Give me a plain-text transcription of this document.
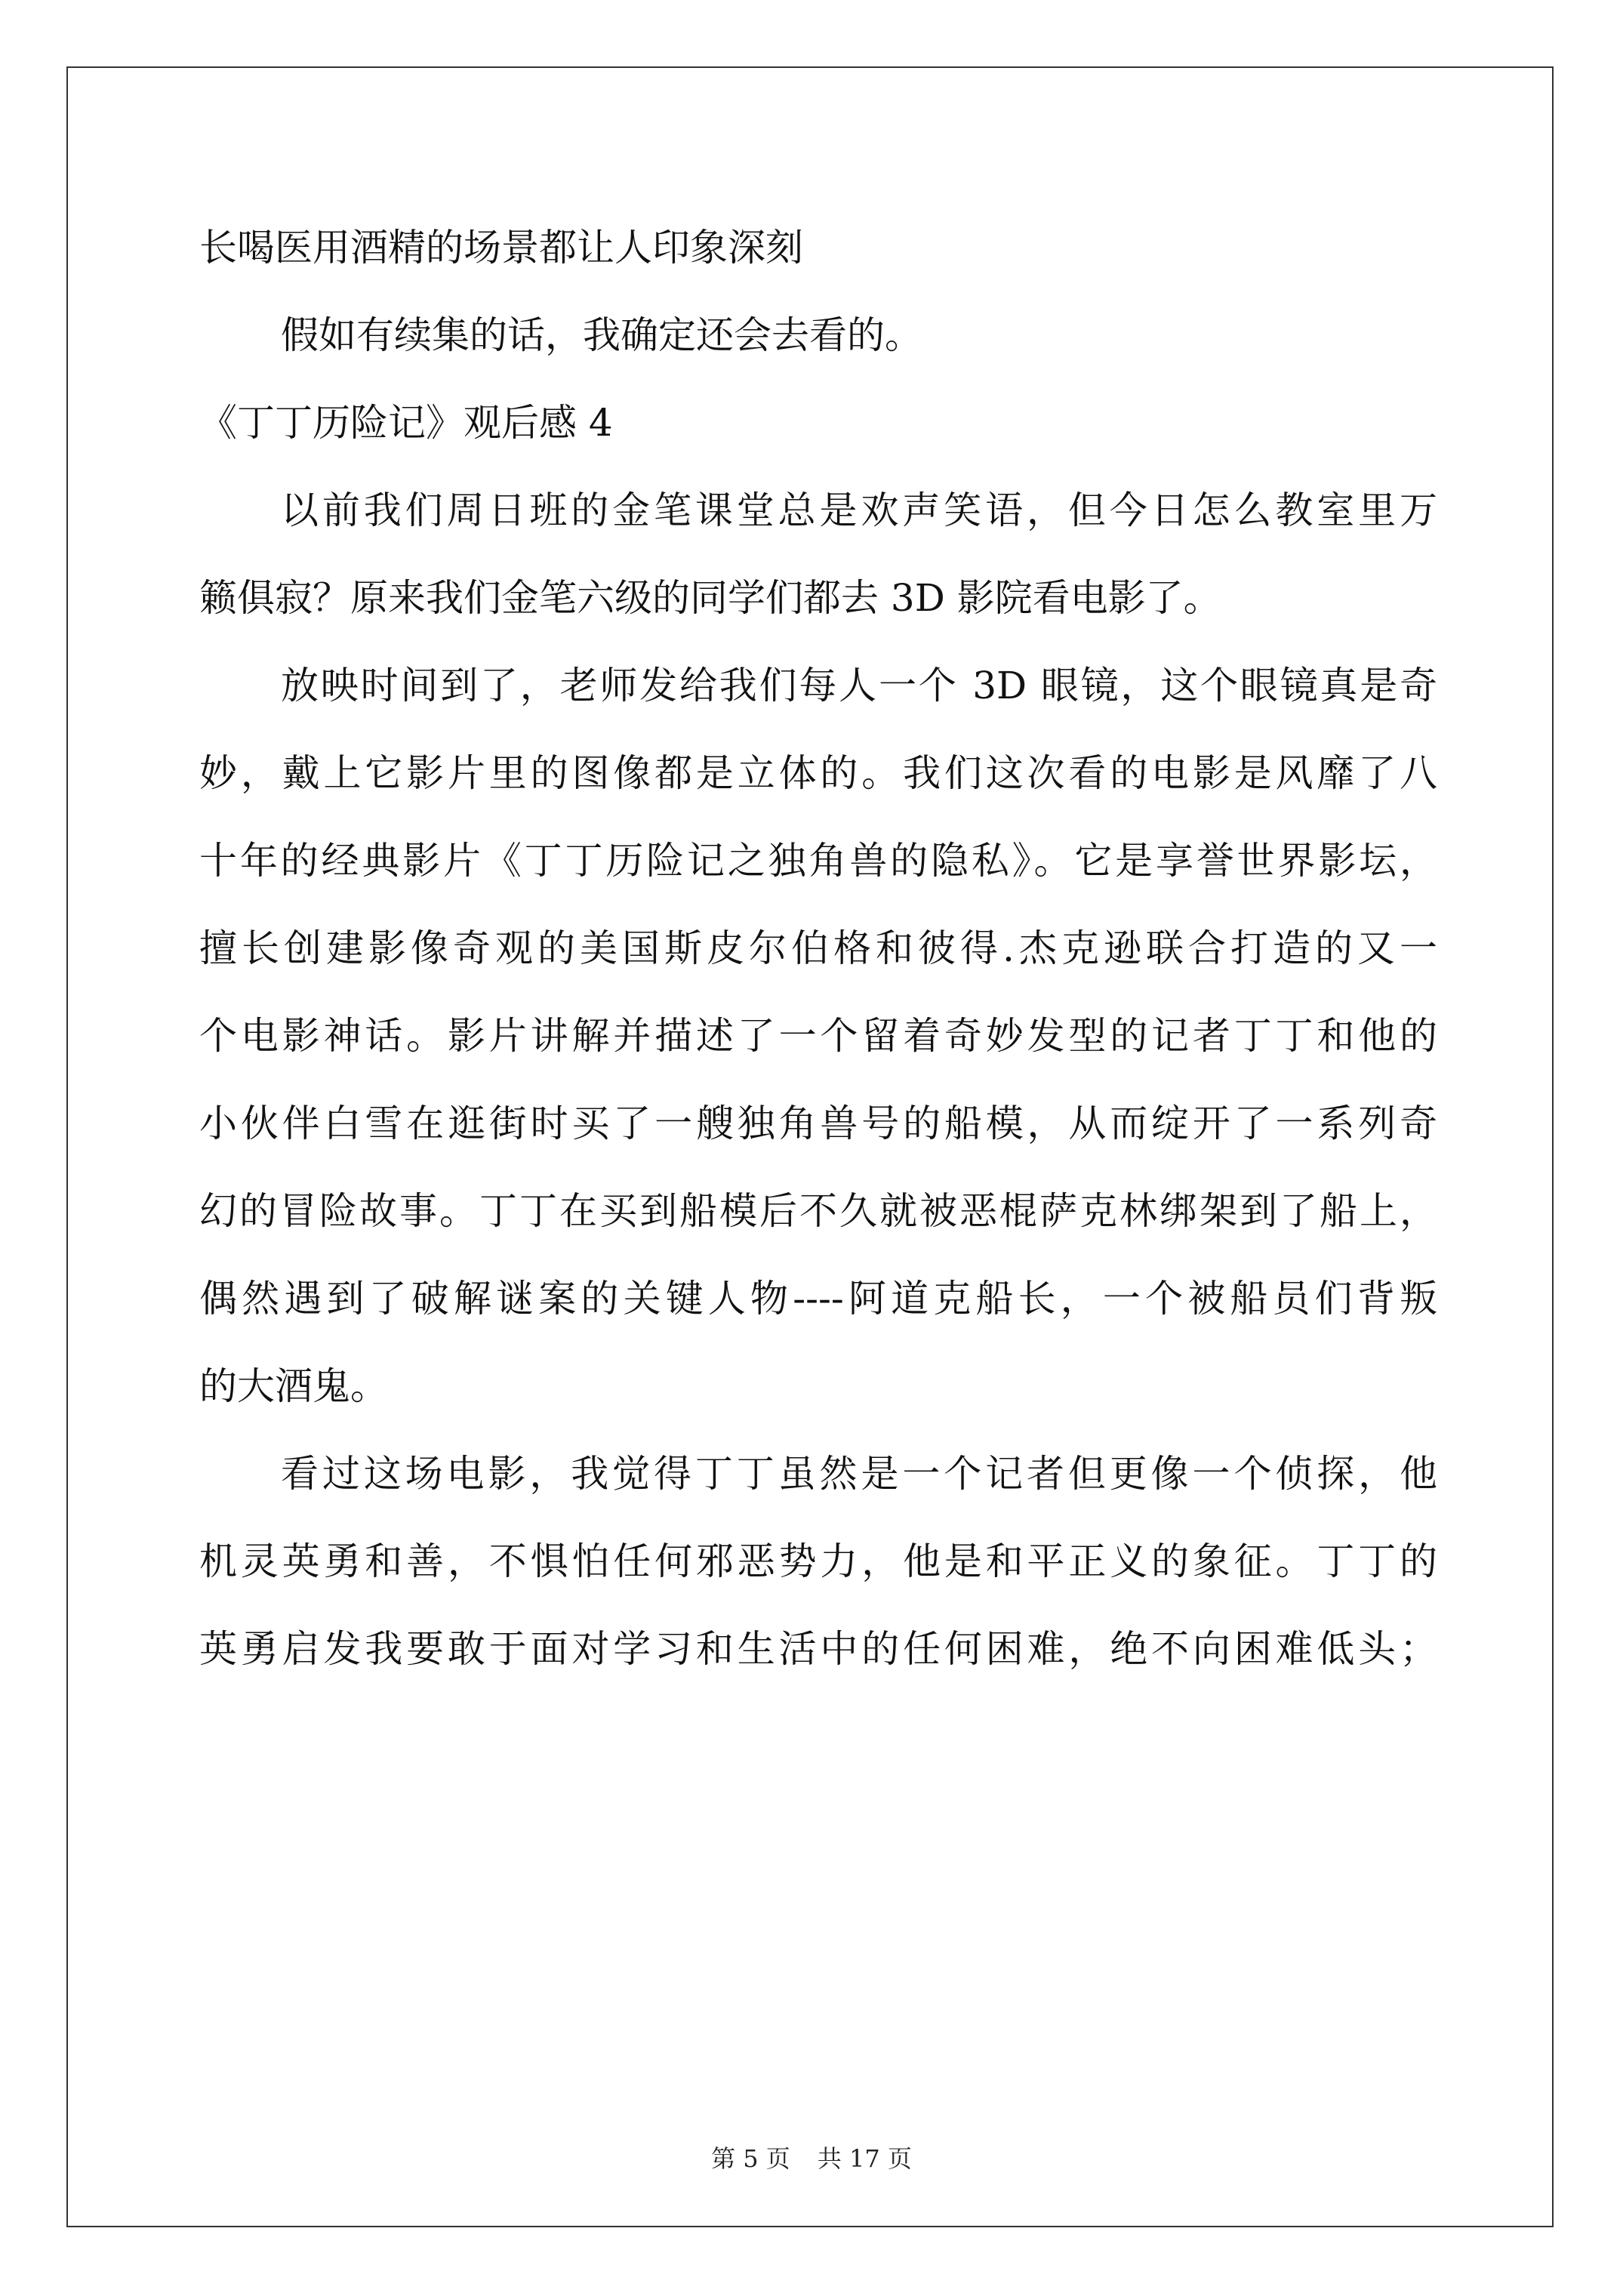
长喝医用酒精的场景都让人印象深刻
假如有续集的话，我确定还会去看的。
《丁丁历险记》观后感 4
以前我们周日班的金笔课堂总是欢声笑语，但今日怎么教室里万
籁俱寂？原来我们金笔六级的同学们都去 3D 影院看电影了。
放映时间到了，老师发给我们每人一个 3D 眼镜，这个眼镜真是奇
妙，戴上它影片里的图像都是立体的。我们这次看的电影是风靡了八
十年的经典影片《丁丁历险记之独角兽的隐私》。它是享誉世界影坛，
擅长创建影像奇观的美国斯皮尔伯格和彼得.杰克逊联合打造的又一
个电影神话。影片讲解并描述了一个留着奇妙发型的记者丁丁和他的
小伙伴白雪在逛街时买了一艘独角兽号的船模，从而绽开了一系列奇
幻的冒险故事。丁丁在买到船模后不久就被恶棍萨克林绑架到了船上，
偶然遇到了破解谜案的关键人物----阿道克船长，一个被船员们背叛
的大酒鬼。
看过这场电影，我觉得丁丁虽然是一个记者但更像一个侦探，他
机灵英勇和善，不惧怕任何邪恶势力，他是和平正义的象征。丁丁的
英勇启发我要敢于面对学习和生活中的任何困难，绝不向困难低头；
第 5 页 共 17 页
